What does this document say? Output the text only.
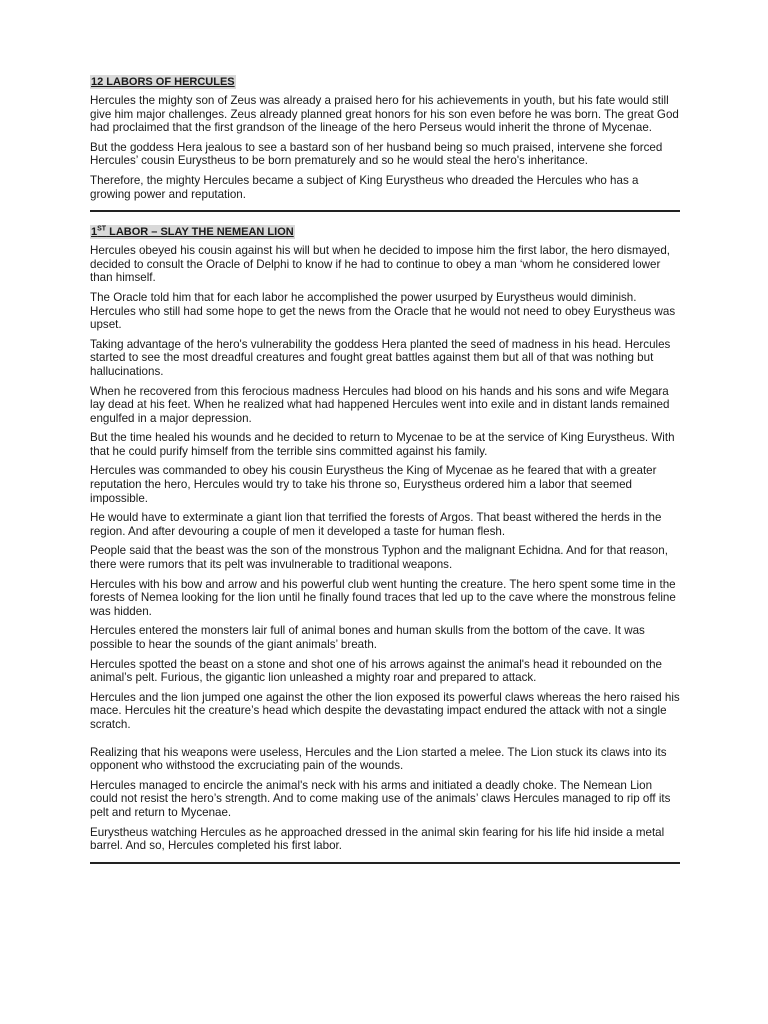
12 LABORS OF HERCULES

Hercules the mighty son of Zeus was already a praised hero for his achievements in youth, but his fate would still give him major challenges. Zeus already planned great honors for his son even before he was born. The great God had proclaimed that the first grandson of the lineage of the hero Perseus would inherit the throne of Mycenae.

But the goddess Hera jealous to see a bastard son of her husband being so much praised, intervene she forced Hercules’ cousin Eurystheus to be born prematurely and so he would steal the hero's inheritance.

Therefore, the mighty Hercules became a subject of King Eurystheus who dreaded the Hercules who has a growing power and reputation.

1ST LABOR – SLAY THE NEMEAN LION

Hercules obeyed his cousin against his will but when he decided to impose him the first labor, the hero dismayed, decided to consult the Oracle of Delphi to know if he had to continue to obey a man ‘whom he considered lower than himself.

The Oracle told him that for each labor he accomplished the power usurped by Eurystheus would diminish. Hercules who still had some hope to get the news from the Oracle that he would not need to obey Eurystheus was upset.

Taking advantage of the hero's vulnerability the goddess Hera planted the seed of madness in his head. Hercules started to see the most dreadful creatures and fought great battles against them but all of that was nothing but hallucinations.

When he recovered from this ferocious madness Hercules had blood on his hands and his sons and wife Megara lay dead at his feet. When he realized what had happened Hercules went into exile and in distant lands remained engulfed in a major depression.

But the time healed his wounds and he decided to return to Mycenae to be at the service of King Eurystheus. With that he could purify himself from the terrible sins committed against his family.

Hercules was commanded to obey his cousin Eurystheus the King of Mycenae as he feared that with a greater reputation the hero, Hercules would try to take his throne so, Eurystheus ordered him a labor that seemed impossible.

He would have to exterminate a giant lion that terrified the forests of Argos. That beast withered the herds in the region. And after devouring a couple of men it developed a taste for human flesh.

People said that the beast was the son of the monstrous Typhon and the malignant Echidna. And for that reason, there were rumors that its pelt was invulnerable to traditional weapons.

Hercules with his bow and arrow and his powerful club went hunting the creature. The hero spent some time in the forests of Nemea looking for the lion until he finally found traces that led up to the cave where the monstrous feline was hidden.

Hercules entered the monsters lair full of animal bones and human skulls from the bottom of the cave. It was possible to hear the sounds of the giant animals’ breath.

Hercules spotted the beast on a stone and shot one of his arrows against the animal's head it rebounded on the animal’s pelt. Furious, the gigantic lion unleashed a mighty roar and prepared to attack.

Hercules and the lion jumped one against the other the lion exposed its powerful claws whereas the hero raised his mace. Hercules hit the creature’s head which despite the devastating impact endured the attack with not a single scratch.

Realizing that his weapons were useless, Hercules and the Lion started a melee. The Lion stuck its claws into its opponent who withstood the excruciating pain of the wounds.

Hercules managed to encircle the animal's neck with his arms and initiated a deadly choke. The Nemean Lion could not resist the hero’s strength. And to come making use of the animals’ claws Hercules managed to rip off its pelt and return to Mycenae.

Eurystheus watching Hercules as he approached dressed in the animal skin fearing for his life hid inside a metal barrel. And so, Hercules completed his first labor.
